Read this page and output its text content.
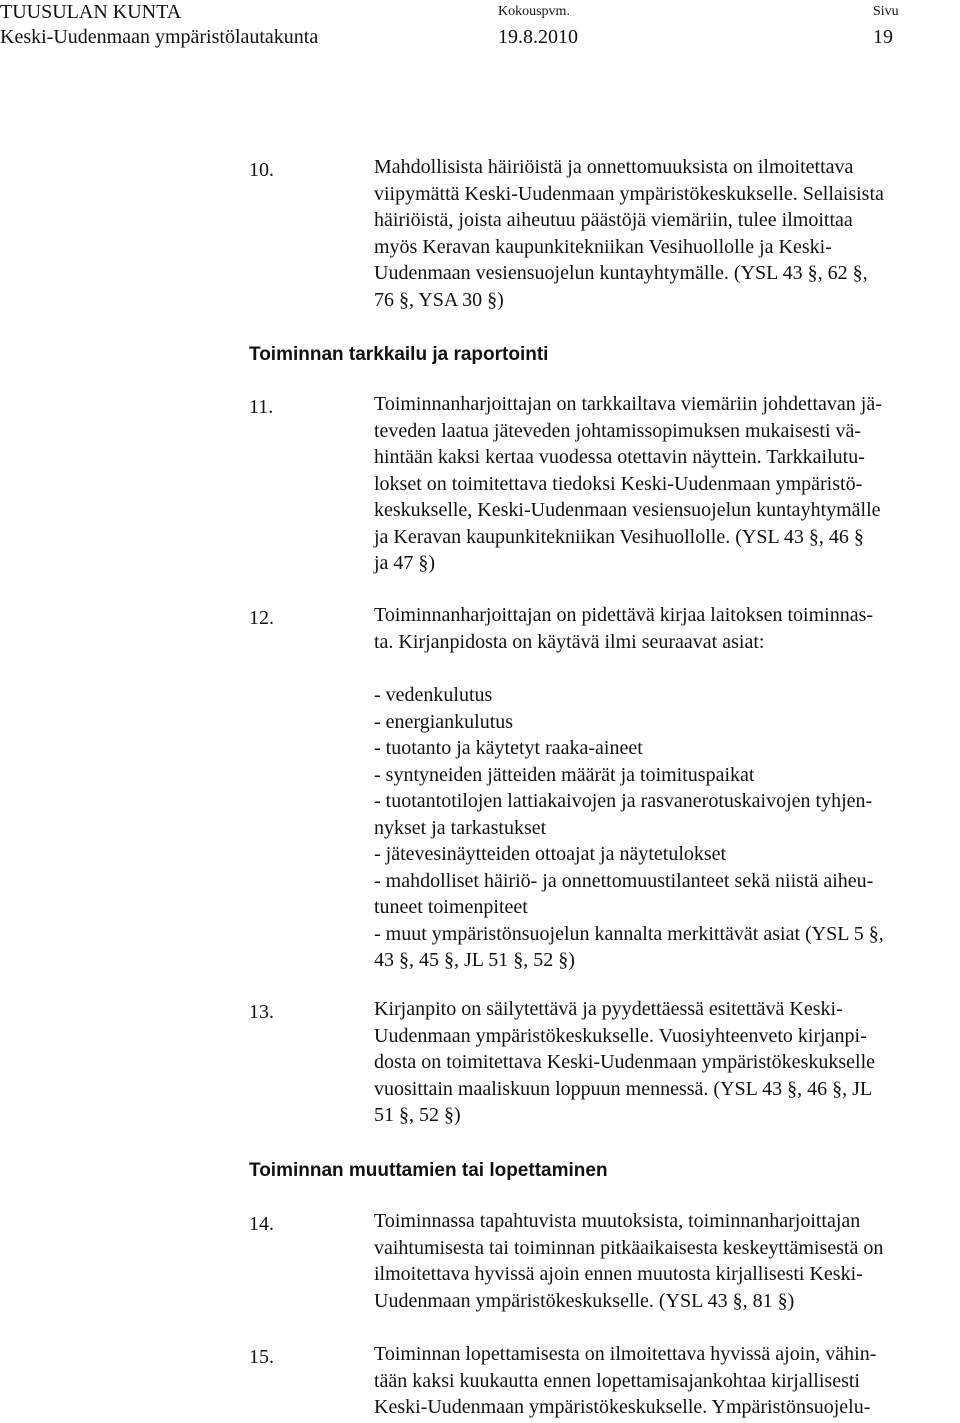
TUUSULAN KUNTA
Keski-Uudenmaan ympäristölautakunta
Kokouspvm.
19.8.2010
Sivu
19
10.	Mahdollisista häiriöistä ja onnettomuuksista on ilmoitettava
viipymättä Keski-Uudenmaan ympäristökeskukselle. Sellaisista
häiriöistä, joista aiheutuu päästöjä viemäriin, tulee ilmoittaa
myös Keravan kaupunkitekniikan Vesihuollolle ja Keski-
Uudenmaan vesiensuojelun kuntayhtymälle. (YSL 43 §, 62 §,
76 §, YSA 30 §)
Toiminnan tarkkailu ja raportointi
11.	Toiminnanharjoittajan on tarkkailtava viemäriin johdettavan jä-
teveden laatua jäteveden johtamissopimuksen mukaisesti vä-
hintään kaksi kertaa vuodessa otettavin näyttein. Tarkkailutu-
lokset on toimitettava tiedoksi Keski-Uudenmaan ympäristö-
keskukselle, Keski-Uudenmaan vesiensuojelun kuntayhtymälle
ja Keravan kaupunkitekniikan Vesihuollolle. (YSL 43 §, 46 §
ja 47 §)
12.	Toiminnanharjoittajan on pidettävä kirjaa laitoksen toiminnas-
ta. Kirjanpidosta on käytävä ilmi seuraavat asiat:
- vedenkulutus
- energiankulutus
- tuotanto ja käytetyt raaka-aineet
- syntyneiden jätteiden määrät ja toimituspaikat
- tuotantotilojen lattiakaivojen ja rasvanerotuskaivojen tyhjen-
nykset ja tarkastukset
- jätevesinäytteiden ottoajat ja näytetulokset
- mahdolliset häiriö- ja onnettomuustilanteet sekä niistä aiheu-
tuneet toimenpiteet
- muut ympäristönsuojelun kannalta merkittävät asiat (YSL 5 §,
43 §, 45 §, JL 51 §, 52 §)
13.	Kirjanpito on säilytettävä ja pyydettäessä esitettävä Keski-
Uudenmaan ympäristökeskukselle. Vuosiyhteenveto kirjanpi-
dosta on toimitettava Keski-Uudenmaan ympäristökeskukselle
vuosittain maaliskuun loppuun mennessä. (YSL 43 §, 46 §, JL
51 §, 52 §)
Toiminnan muuttamien tai lopettaminen
14.	Toiminnassa tapahtuvista muutoksista, toiminnanharjoittajan
vaihtumisesta tai toiminnan pitkäaikaisesta keskeyttämisestä on
ilmoitettava hyvissä ajoin ennen muutosta kirjallisesti Keski-
Uudenmaan ympäristökeskukselle. (YSL 43 §, 81 §)
15.	Toiminnan lopettamisesta on ilmoitettava hyvissä ajoin, vähin-
tään kaksi kuukautta ennen lopettamisajankohtaa kirjallisesti
Keski-Uudenmaan ympäristökeskukselle. Ympäristönsuojelu-
